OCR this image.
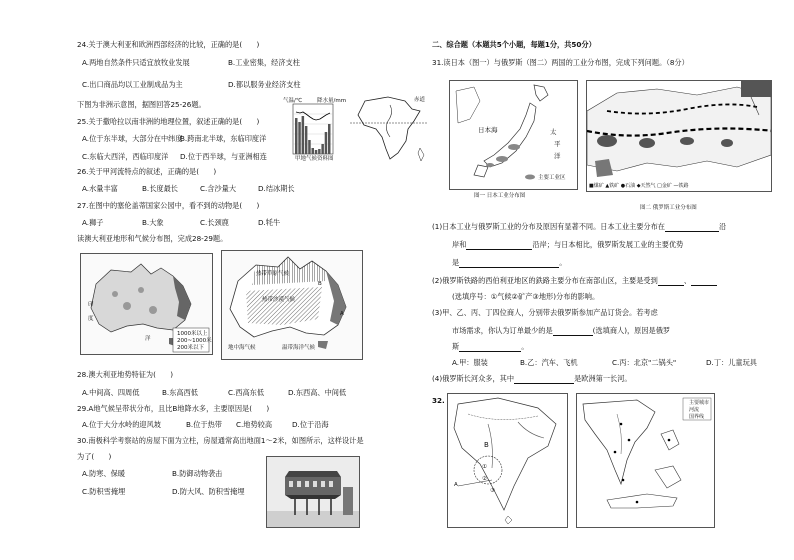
24.关于澳大利亚和欧洲西部经济的比较，正确的是(　　)
A.两地自然条件只适宜放牧业发展	B.工业密集，经济支柱
C.出口商品均以工业制成品为主	D.都以服务业经济支柱
下图为非洲示意图，据图回答25-26题。
25.关于撒哈拉以南非洲的地理位置，叙述正确的是(　　)
A.位于东半球，大部分在中纬度
B.跨南北半球，东临印度洋
C.东临大西洋，西临印度洋 D.位于西半球，与亚洲相连
26.关于甲河流特点的叙述，正确的是(　　)
A.水量丰富	B.长度最长	C.含沙量大	D.结冰期长
27.在图中的塞伦盖蒂国家公园中，看不到的动物是(　　)
A.狮子	B.大象	C.长颈鹿	D.牦牛
读澳大利亚地形和气候分布图，完成28-29题。
气温/℃	降水量/mm
甲地气候资料图
赤道
1000米以上
200~1000米
200米以下
度
洋
印
热带草原气候
热带沙漠气候
地中海气候	温带海洋气候
A
B
28.澳大利亚地势特征为(　　)
A.中间高、四周低	B.东高西低	C.西高东低	D.东西高、中间低
29.A地气候呈带状分布，且比B地降水多，主要原因是(　　)
A.位于大分水岭的迎风坡	B.位于热带 C.地势较高	D.位于沿海
30.南极科学考察站的房屋下面为立柱，房屋通常高出地面1～2米，如图所示，这样设计是
为了(　　)
A.防寒、保暖	B.防御动物袭击
C.防积雪掩埋	D.防大风、防积雪掩埋
二、综合题（本题共5个小题，每题1分，共50分）
31.读日本（图一）与俄罗斯（图二）两国的工业分布图，完成下列问题。（8分）
日本海	太
平
洋
主要工业区
图一 日本工业分布图
■煤矿 ▲铁矿 ●石油 ◆天然气 □金矿 —铁路
图二 俄罗斯工业分布图
(1)日本工业与俄罗斯工业的分布及原因有显著不同。日本工业主要分布在	沿
岸和	沿岸；与日本相比，俄罗斯发展工业的主要优势
是	。
(2)俄罗斯铁路的西伯利亚地区的鉄路主要分布在南部山区，主要是受到	、
(选填序号：①气候②矿产③地形)分布的影响。
(3)甲、乙、丙、丁四位商人，分别带去俄罗斯参加产品订货会。若考虑
市场需求，你认为订单最少的是	(选填商人)，原因是俄罗
斯	。
A.甲：服装	B.乙：汽车、飞机	C.丙：北京"二锅头"	D.丁：儿童玩具
(4)俄罗斯长河众多，其中	是欧洲第一长河。
32.
B
①
②
③
A
主要城市
河流
国界线
